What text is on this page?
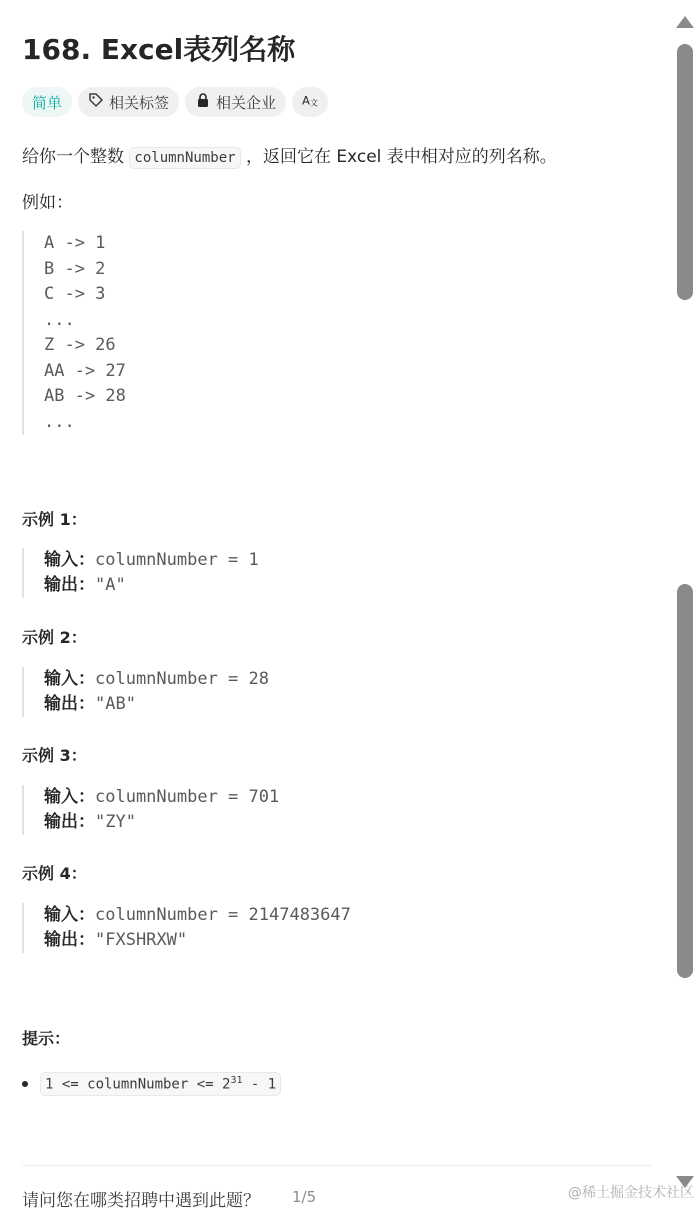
168. Excel表列名称
简单	相关标签	相关企业 A 文
给你一个整数 columnNumber ，返回它在 Excel 表中相对应的列名称。
例如：
A -> 1
B -> 2
C -> 3
...
Z -> 26
AA -> 27
AB -> 28
...
示例 1：
输入：columnNumber = 1
输出："A"
示例 2：
输入：columnNumber = 28
输出："AB"
示例 3：
输入：columnNumber = 701
输出："ZY"
示例 4：
输入：columnNumber = 2147483647
输出："FXSHRXW"
提示：
1 <= columnNumber <= $2^{31} - 1$
请问您在哪类招聘中遇到此题？ 1/5	@稀土掘金技术社区
